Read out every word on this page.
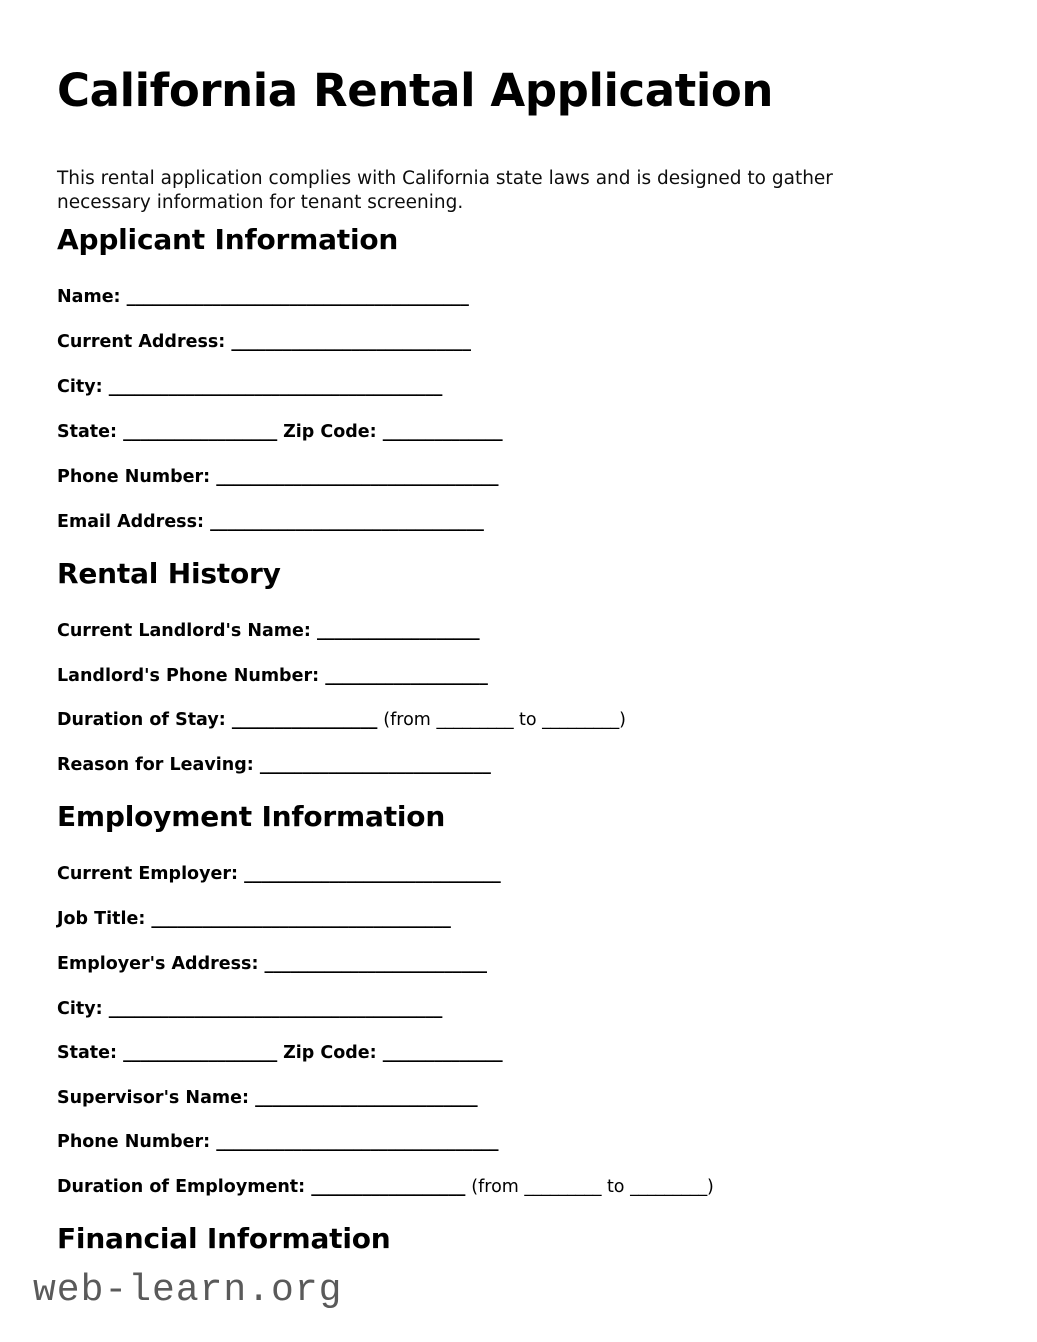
California Rental Application

This rental application complies with California state laws and is designed to gather necessary information for tenant screening.

Applicant Information
Name: ________________________________________
Current Address: ____________________________
City: _______________________________________
State: __________________ Zip Code: ______________
Phone Number: _________________________________
Email Address: ________________________________
Rental History
Current Landlord's Name: ___________________
Landlord's Phone Number: ___________________
Duration of Stay: _________________ (from _________ to _________)
Reason for Leaving: ___________________________
Employment Information
Current Employer: ______________________________
Job Title: ___________________________________
Employer's Address: __________________________
City: _______________________________________
State: __________________ Zip Code: ______________
Supervisor's Name: __________________________
Phone Number: _________________________________
Duration of Employment: __________________ (from _________ to _________)
Financial Information
web-learn.org
